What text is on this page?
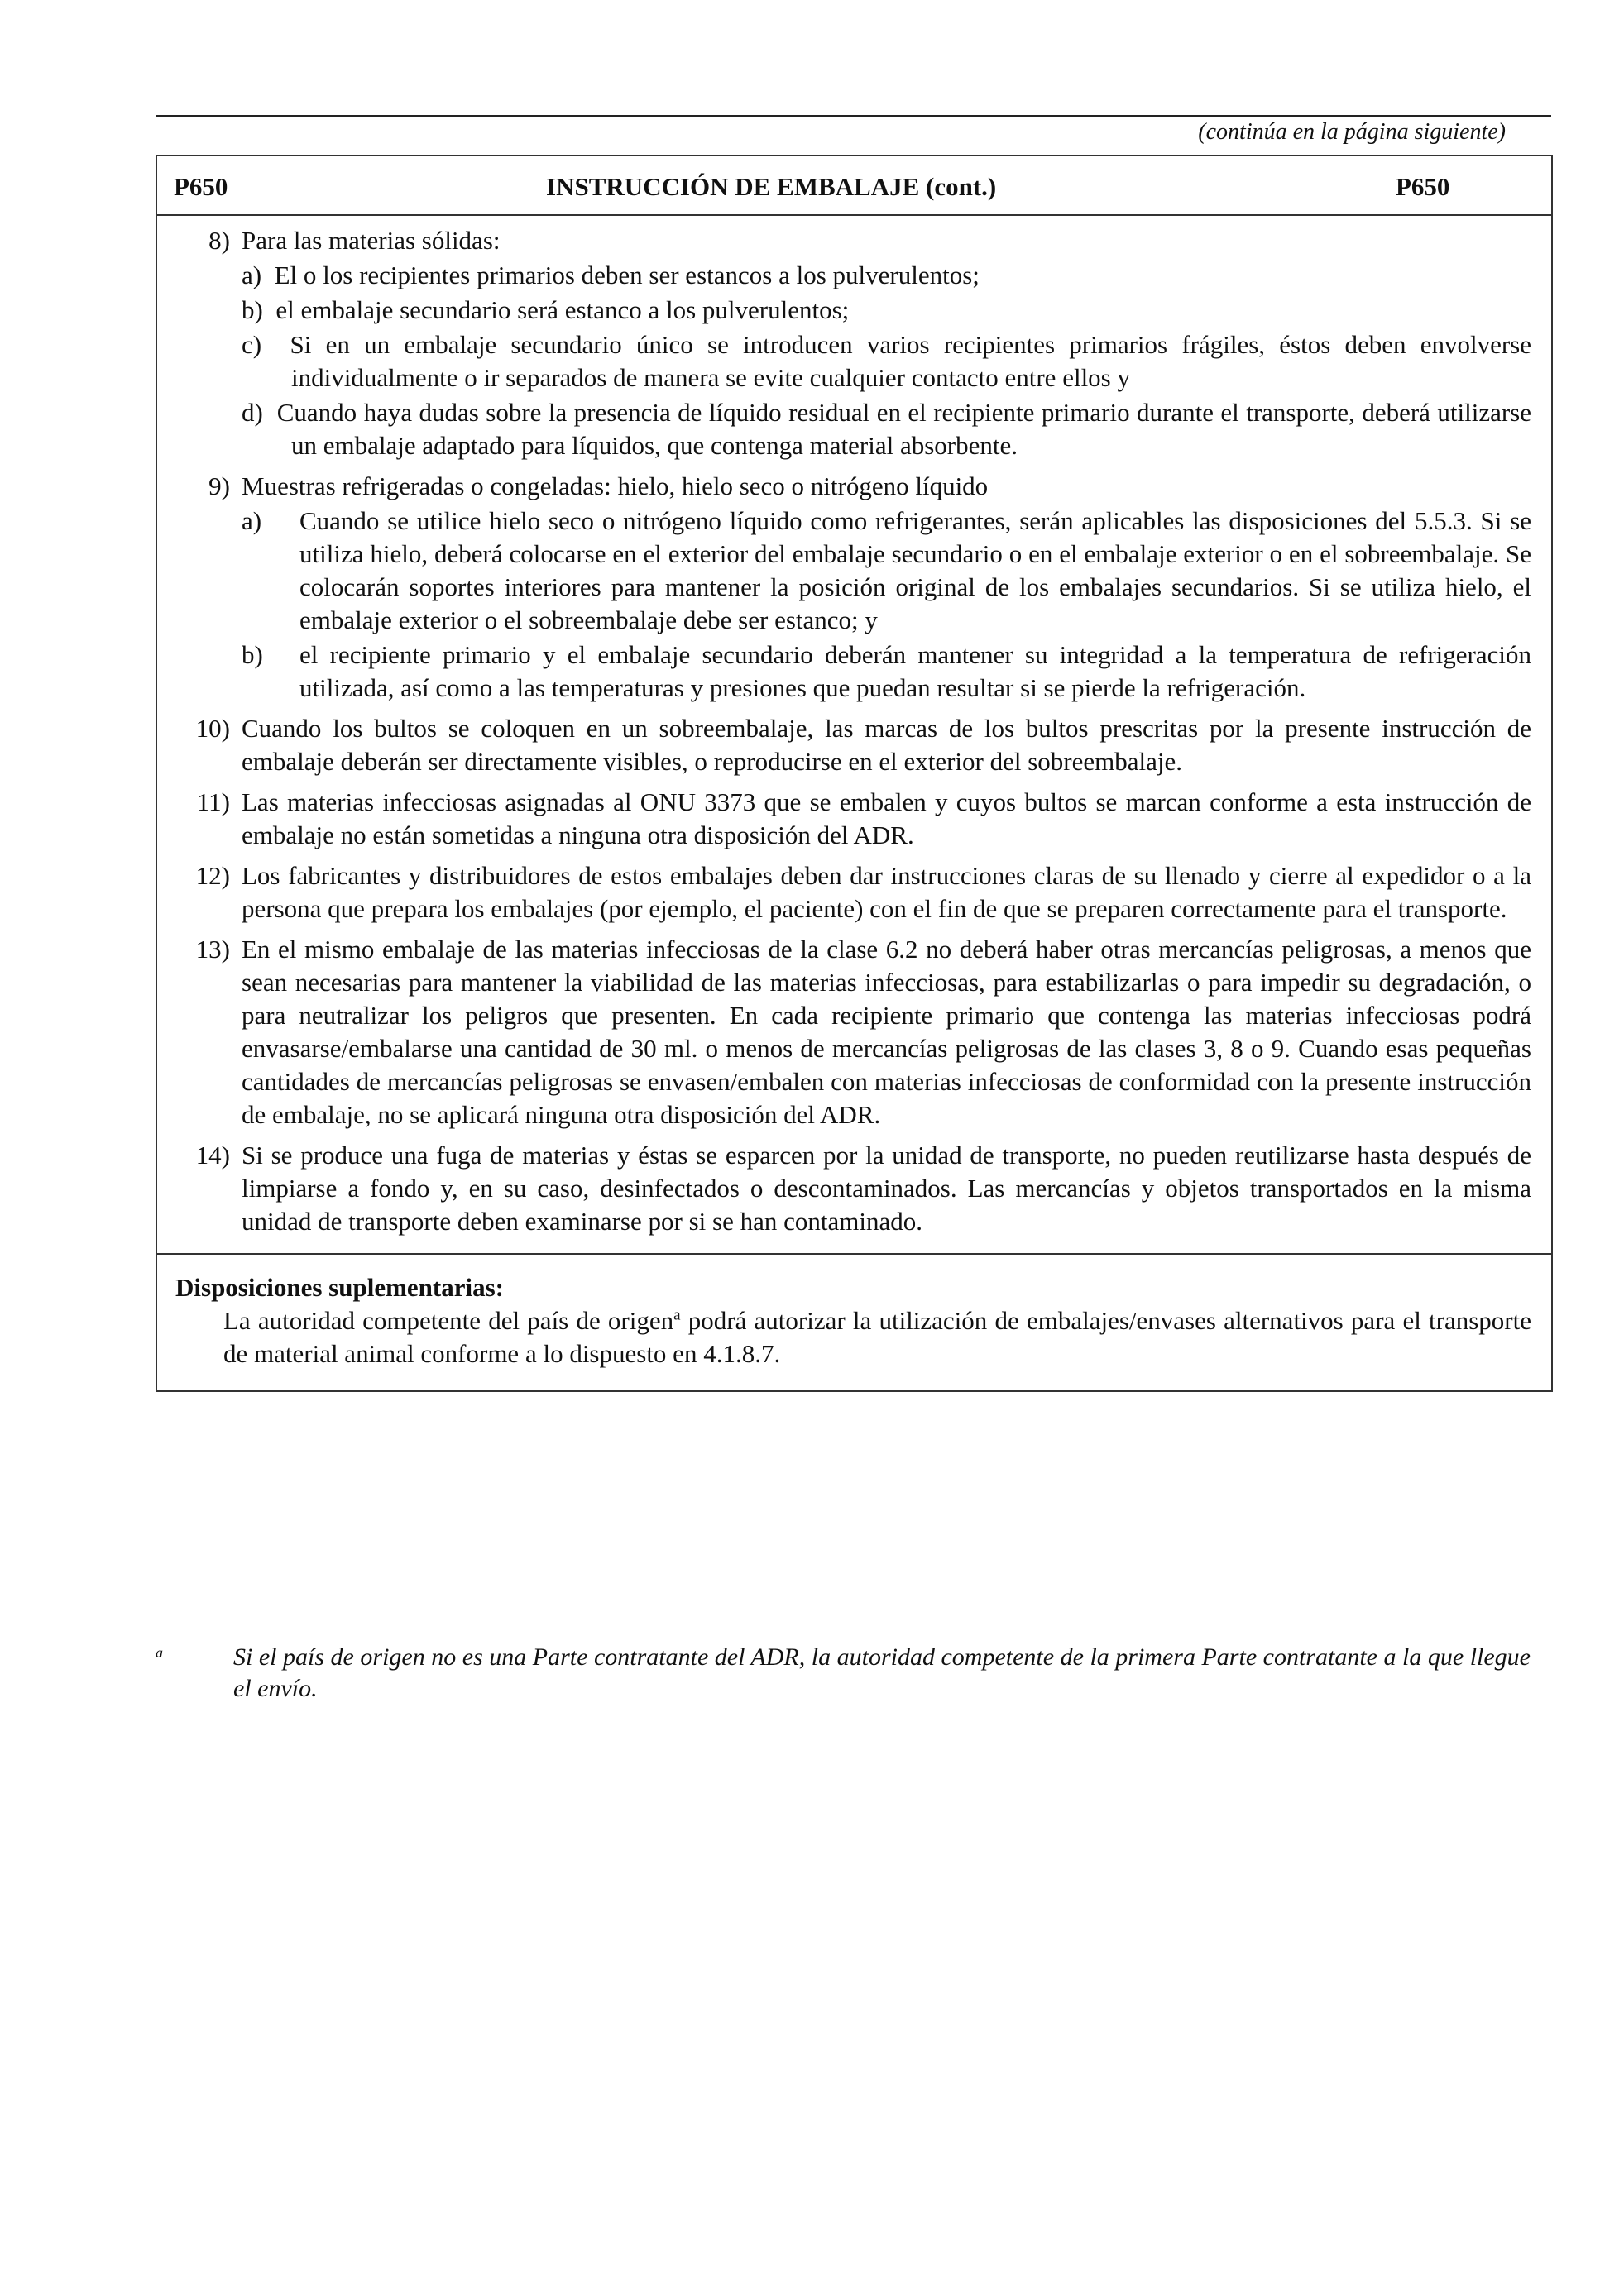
(continúa en la página siguiente)
P650	INSTRUCCIÓN DE EMBALAJE (cont.)	P650
8) Para las materias sólidas:
a) El o los recipientes primarios deben ser estancos a los pulverulentos;
b) el embalaje secundario será estanco a los pulverulentos;
c) Si en un embalaje secundario único se introducen varios recipientes primarios frágiles, éstos deben envolverse individualmente o ir separados de manera se evite cualquier contacto entre ellos y
d) Cuando haya dudas sobre la presencia de líquido residual en el recipiente primario durante el transporte, deberá utilizarse un embalaje adaptado para líquidos, que contenga material absorbente.
9) Muestras refrigeradas o congeladas: hielo, hielo seco o nitrógeno líquido
a)	Cuando se utilice hielo seco o nitrógeno líquido como refrigerantes, serán aplicables las disposiciones del 5.5.3. Si se utiliza hielo, deberá colocarse en el exterior del embalaje secundario o en el embalaje exterior o en el sobreembalaje. Se colocarán soportes interiores para mantener la posición original de los embalajes secundarios. Si se utiliza hielo, el embalaje exterior o el sobreembalaje debe ser estanco; y
b)	el recipiente primario y el embalaje secundario deberán mantener su integridad a la temperatura de refrigeración utilizada, así como a las temperaturas y presiones que puedan resultar si se pierde la refrigeración.
10) Cuando los bultos se coloquen en un sobreembalaje, las marcas de los bultos prescritas por la presente instrucción de embalaje deberán ser directamente visibles, o reproducirse en el exterior del sobreembalaje.
11) Las materias infecciosas asignadas al ONU 3373 que se embalen y cuyos bultos se marcan conforme a esta instrucción de embalaje no están sometidas a ninguna otra disposición del ADR.
12) Los fabricantes y distribuidores de estos embalajes deben dar instrucciones claras de su llenado y cierre al expedidor o a la persona que prepara los embalajes (por ejemplo, el paciente) con el fin de que se preparen correctamente para el transporte.
13) En el mismo embalaje de las materias infecciosas de la clase 6.2 no deberá haber otras mercancías peligrosas, a menos que sean necesarias para mantener la viabilidad de las materias infecciosas, para estabilizarlas o para impedir su degradación, o para neutralizar los peligros que presenten. En cada recipiente primario que contenga las materias infecciosas podrá envasarse/embalarse una cantidad de 30 ml. o menos de mercancías peligrosas de las clases 3, 8 o 9. Cuando esas pequeñas cantidades de mercancías peligrosas se envasen/embalen con materias infecciosas de conformidad con la presente instrucción de embalaje, no se aplicará ninguna otra disposición del ADR.
14) Si se produce una fuga de materias y éstas se esparcen por la unidad de transporte, no pueden reutilizarse hasta después de limpiarse a fondo y, en su caso, desinfectados o descontaminados. Las mercancías y objetos transportados en la misma unidad de transporte deben examinarse por si se han contaminado.
Disposiciones suplementarias:
La autoridad competente del país de origen$^a$ podrá autorizar la utilización de embalajes/envases alternativos para el transporte de material animal conforme a lo dispuesto en 4.1.8.7.
a	Si el país de origen no es una Parte contratante del ADR, la autoridad competente de la primera Parte contratante a la que llegue el envío.
